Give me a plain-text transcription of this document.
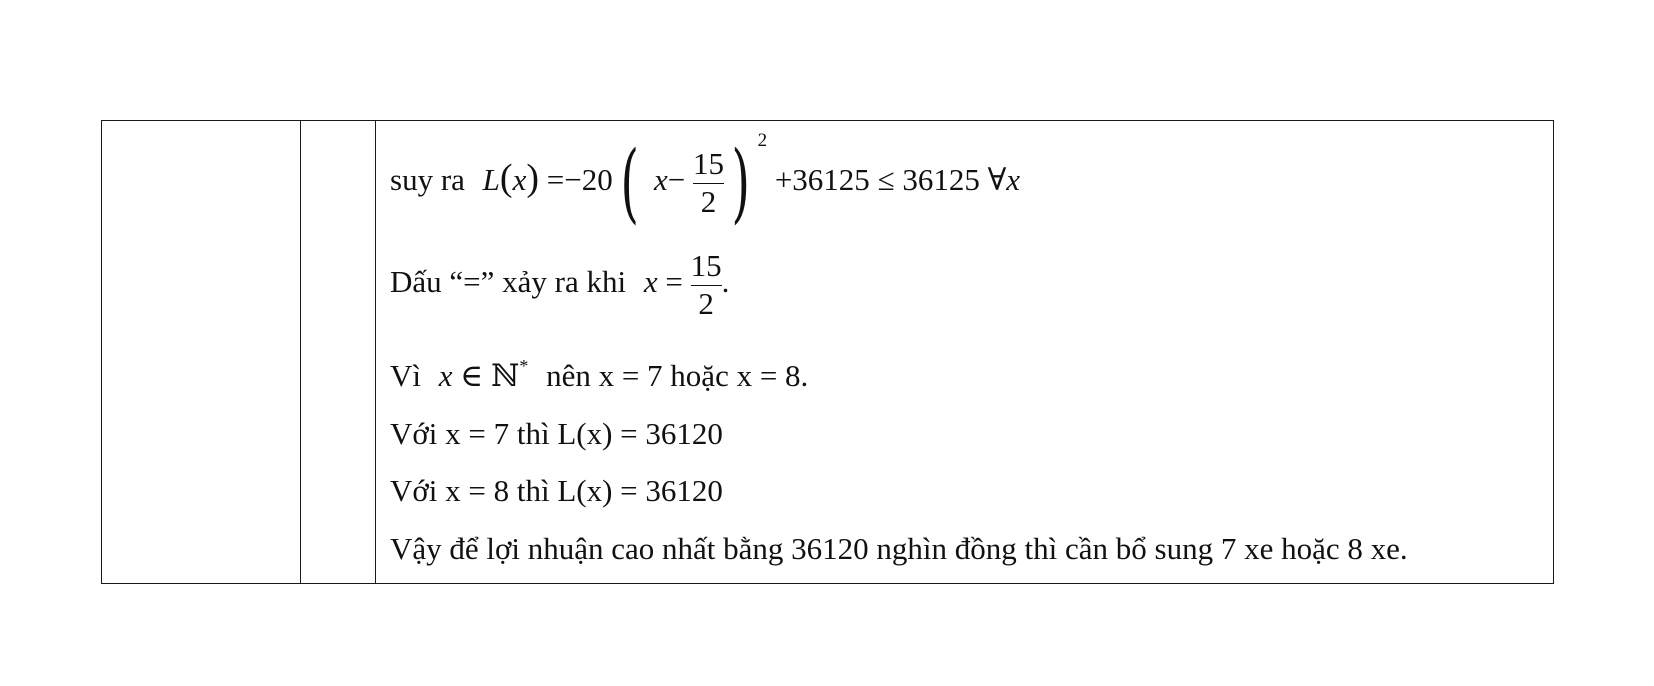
suy ra L(x) =−20( $x- \frac{15}{2}$ ) $^2$ +36125 ≤ 36125 ∀x
Dấu “=” xảy ra khi $x = \frac{15}{2}$ .
Vì x ∈ ℕ* nên x = 7 hoặc x = 8.
Với x = 7 thì L(x) = 36120
Với x = 8 thì L(x) = 36120
Vậy để lợi nhuận cao nhất bằng 36120 nghìn đồng thì cần bổ sung 7 xe hoặc 8 xe.
